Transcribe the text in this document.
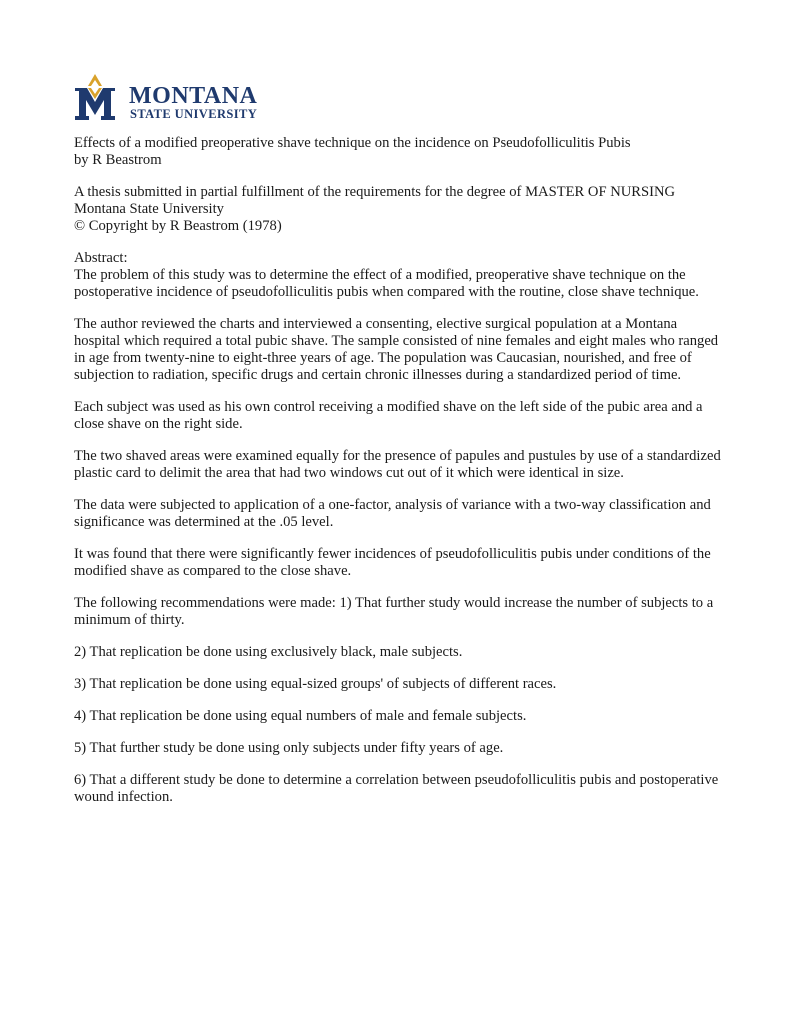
MONTANA
STATE UNIVERSITY
Effects of a modified preoperative shave technique on the incidence on Pseudofolliculitis Pubis
by R Beastrom
A thesis submitted in partial fulfillment of the requirements for the degree of MASTER OF NURSING
Montana State University
© Copyright by R Beastrom (1978)
Abstract:

The problem of this study was to determine the effect of a modified, preoperative shave technique on the postoperative incidence of pseudofolliculitis pubis when compared with the routine, close shave technique.

The author reviewed the charts and interviewed a consenting, elective surgical population at a Montana hospital which required a total pubic shave. The sample consisted of nine females and eight males who ranged in age from twenty-nine to eight-three years of age. The population was Caucasian, nourished, and free of subjection to radiation, specific drugs and certain chronic illnesses during a standardized period of time.

Each subject was used as his own control receiving a modified shave on the left side of the pubic area and a close shave on the right side.

The two shaved areas were examined equally for the presence of papules and pustules by use of a standardized plastic card to delimit the area that had two windows cut out of it which were identical in size.

The data were subjected to application of a one-factor, analysis of variance with a two-way classification and significance was determined at the .05 level.

It was found that there were significantly fewer incidences of pseudofolliculitis pubis under conditions of the modified shave as compared to the close shave.

The following recommendations were made: 1) That further study would increase the number of subjects to a minimum of thirty.

2) That replication be done using exclusively black, male subjects.

3) That replication be done using equal-sized groups' of subjects of different races.

4) That replication be done using equal numbers of male and female subjects.

5) That further study be done using only subjects under fifty years of age.

6) That a different study be done to determine a correlation between pseudofolliculitis pubis and postoperative wound infection.
